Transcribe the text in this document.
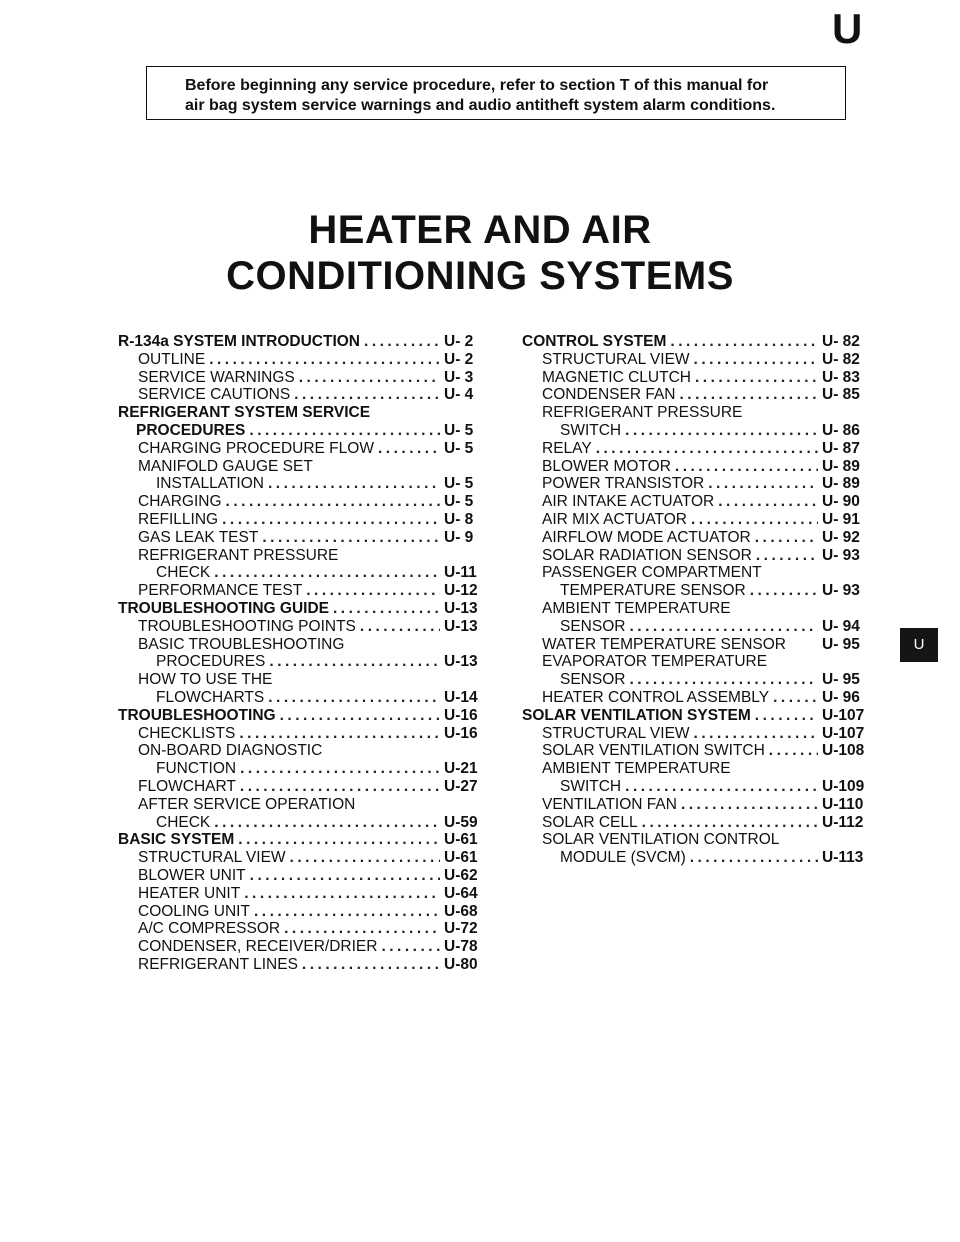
U
Before beginning any service procedure, refer to section T of this manual for
air bag system service warnings and audio antitheft system alarm conditions.
HEATER AND AIR
CONDITIONING SYSTEMS
R-134a SYSTEM INTRODUCTION .....	U- 2
OUTLINE .....	U- 2
SERVICE WARNINGS .....	U- 3
SERVICE CAUTIONS .....	U- 4
REFRIGERANT SYSTEM SERVICE
PROCEDURES .....	U- 5
CHARGING PROCEDURE FLOW .....	U- 5
MANIFOLD GAUGE SET
INSTALLATION .....	U- 5
CHARGING .....	U- 5
REFILLING .....	U- 8
GAS LEAK TEST .....	U- 9
REFRIGERANT PRESSURE
CHECK .....	U-11
PERFORMANCE TEST .....	U-12
TROUBLESHOOTING GUIDE .....	U-13
TROUBLESHOOTING POINTS .....	U-13
BASIC TROUBLESHOOTING
PROCEDURES .....	U-13
HOW TO USE THE
FLOWCHARTS .....	U-14
TROUBLESHOOTING .....	U-16
CHECKLISTS .....	U-16
ON-BOARD DIAGNOSTIC
FUNCTION .....	U-21
FLOWCHART .....	U-27
AFTER SERVICE OPERATION
CHECK .....	U-59
BASIC SYSTEM .....	U-61
STRUCTURAL VIEW .....	U-61
BLOWER UNIT .....	U-62
HEATER UNIT .....	U-64
COOLING UNIT .....	U-68
A/C COMPRESSOR .....	U-72
CONDENSER, RECEIVER/DRIER .....	U-78
REFRIGERANT LINES .....	U-80
CONTROL SYSTEM .....	U- 82
STRUCTURAL VIEW .....	U- 82
MAGNETIC CLUTCH .....	U- 83
CONDENSER FAN .....	U- 85
REFRIGERANT PRESSURE
SWITCH .....	U- 86
RELAY .....	U- 87
BLOWER MOTOR .....	U- 89
POWER TRANSISTOR .....	U- 89
AIR INTAKE ACTUATOR .....	U- 90
AIR MIX ACTUATOR .....	U- 91
AIRFLOW MODE ACTUATOR .....	U- 92
SOLAR RADIATION SENSOR .....	U- 93
PASSENGER COMPARTMENT
TEMPERATURE SENSOR .....	U- 93
AMBIENT TEMPERATURE
SENSOR .....	U- 94
WATER TEMPERATURE SENSOR U- 95
EVAPORATOR TEMPERATURE
SENSOR .....	U- 95
HEATER CONTROL ASSEMBLY .....	U- 96
SOLAR VENTILATION SYSTEM .....	U-107
STRUCTURAL VIEW .....	U-107
SOLAR VENTILATION SWITCH .....	U-108
AMBIENT TEMPERATURE
SWITCH .....	U-109
VENTILATION FAN .....	U-110
SOLAR CELL .....	U-112
SOLAR VENTILATION CONTROL
MODULE (SVCM) .....	U-113
U
